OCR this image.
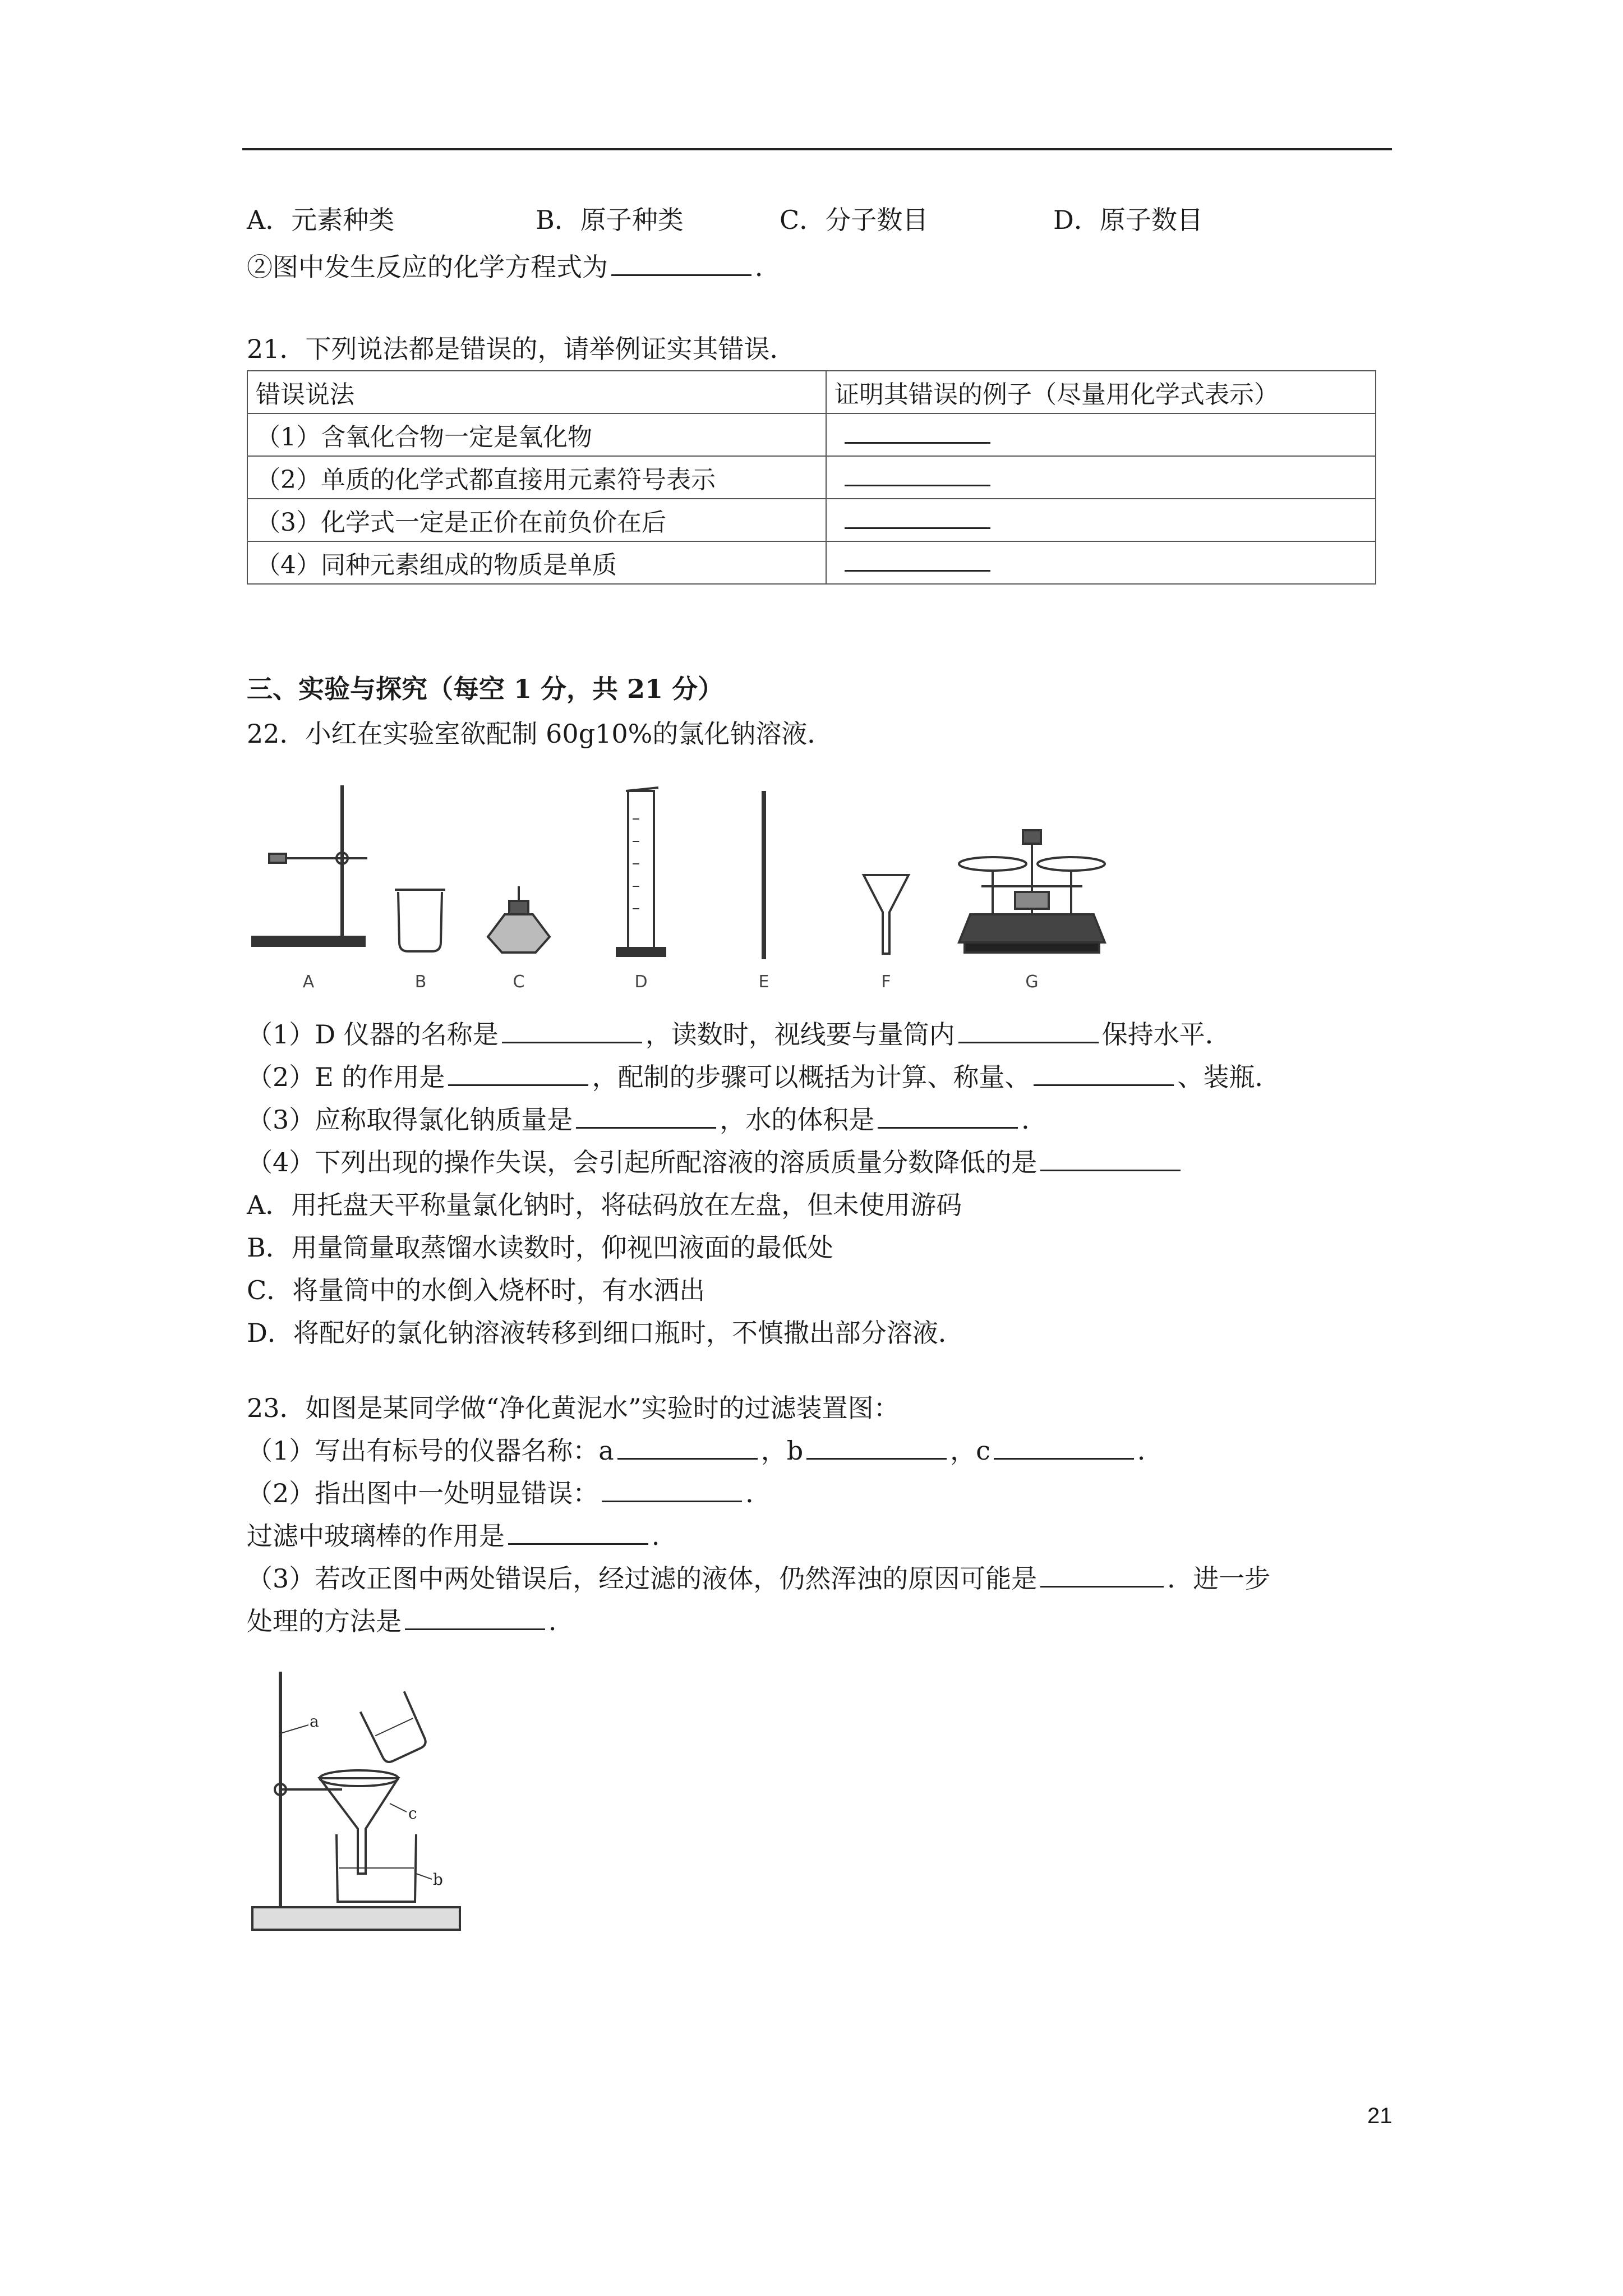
A．元素种类	B．原子种类	C．分子数目	D．原子数目
②图中发生反应的化学方程式为	．
21．下列说法都是错误的，请举例证实其错误．
错误说法	证明其错误的例子（尽量用化学式表示）
（1）含氧化合物一定是氧化物	
（2）单质的化学式都直接用元素符号表示	
（3）化学式一定是正价在前负价在后	
（4）同种元素组成的物质是单质	
三、实验与探究（每空 1 分，共 21 分）
22．小红在实验室欲配制 60g10%的氯化钠溶液．
A	B	C	D	E	F	G
（1）D 仪器的名称是	，读数时，视线要与量筒内	保持水平．
（2）E 的作用是	，配制的步骤可以概括为计算、称量、	、装瓶．
（3）应称取得氯化钠质量是	，水的体积是	．
（4）下列出现的操作失误，会引起所配溶液的溶质质量分数降低的是
A．用托盘天平称量氯化钠时，将砝码放在左盘，但未使用游码
B．用量筒量取蒸馏水读数时，仰视凹液面的最低处
C．将量筒中的水倒入烧杯时，有水洒出
D．将配好的氯化钠溶液转移到细口瓶时，不慎撒出部分溶液．
23．如图是某同学做“净化黄泥水”实验时的过滤装置图：
（1）写出有标号的仪器名称：a	，b	，c	．
（2）指出图中一处明显错误：	．
过滤中玻璃棒的作用是	．
（3）若改正图中两处错误后，经过滤的液体，仍然浑浊的原因可能是	．进一步
处理的方法是	．
a
b
c
21
